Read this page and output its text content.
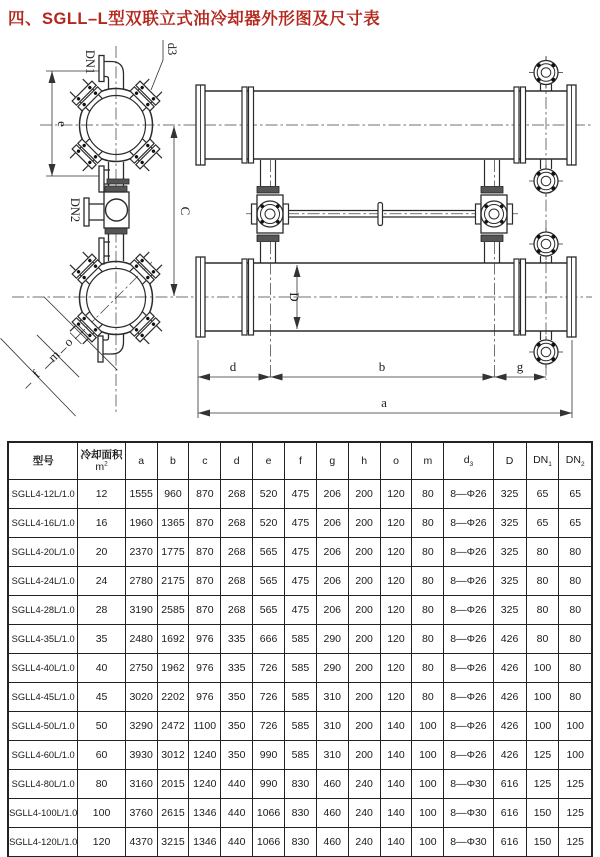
四、SGLL–L型双联立式油冷却器外形图及尺寸表
o
m
f
e
C
DN1
DN2
d3
D
d	b	g
a
型号	冷却面积
$m^2$	a	b	c	d	e	f	g	h	o	m	$d_3$	D	$DN_1$	$DN_2$
SGLL4-12L/1.0	12	1555	960	870	268	520	475	206	200	120	80	8—Φ26	325	65	65
SGLL4-16L/1.0	16	1960	1365	870	268	520	475	206	200	120	80	8—Φ26	325	65	65
SGLL4-20L/1.0	20	2370	1775	870	268	565	475	206	200	120	80	8—Φ26	325	80	80
SGLL4-24L/1.0	24	2780	2175	870	268	565	475	206	200	120	80	8—Φ26	325	80	80
SGLL4-28L/1.0	28	3190	2585	870	268	565	475	206	200	120	80	8—Φ26	325	80	80
SGLL4-35L/1.0	35	2480	1692	976	335	666	585	290	200	120	80	8—Φ26	426	80	80
SGLL4-40L/1.0	40	2750	1962	976	335	726	585	290	200	120	80	8—Φ26	426	100	80
SGLL4-45L/1.0	45	3020	2202	976	350	726	585	310	200	120	80	8—Φ26	426	100	80
SGLL4-50L/1.0	50	3290	2472	1100	350	726	585	310	200	140	100	8—Φ26	426	100	100
SGLL4-60L/1.0	60	3930	3012	1240	350	990	585	310	200	140	100	8—Φ26	426	125	100
SGLL4-80L/1.0	80	3160	2015	1240	440	990	830	460	240	140	100	8—Φ30	616	125	125
SGLL4-100L/1.0	100	3760	2615	1346	440	1066	830	460	240	140	100	8—Φ30	616	150	125
SGLL4-120L/1.0	120	4370	3215	1346	440	1066	830	460	240	140	100	8—Φ30	616	150	125
